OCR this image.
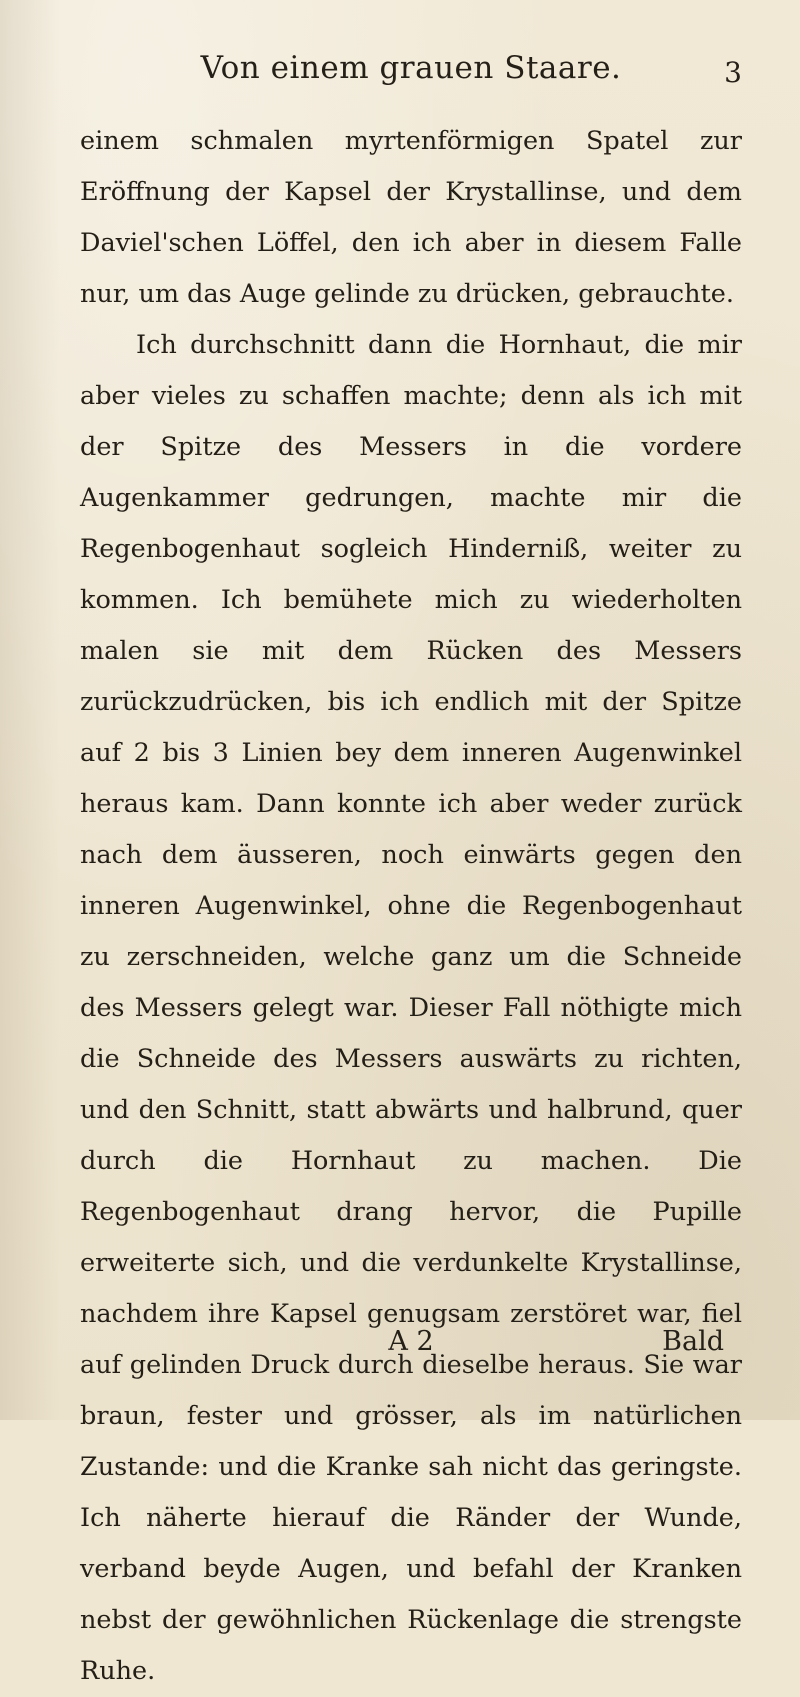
Von einem grauen Staare.	3

einem schmalen myrtenförmigen Spatel zur Eröffnung der Kapsel der Krystallinse, und dem Daviel'schen Löffel, den ich aber in diesem Falle nur, um das Auge gelinde zu drücken, gebrauchte.

Ich durchschnitt dann die Hornhaut, die mir aber vieles zu schaffen machte; denn als ich mit der Spitze des Messers in die vordere Augenkammer gedrungen, machte mir die Regenbogenhaut sogleich Hinderniß, weiter zu kommen. Ich bemühete mich zu wiederholten malen sie mit dem Rücken des Messers zurückzudrücken, bis ich endlich mit der Spitze auf 2 bis 3 Linien bey dem inneren Augenwinkel heraus kam. Dann konnte ich aber weder zurück nach dem äusseren, noch einwärts gegen den inneren Augenwinkel, ohne die Regenbogenhaut zu zerschneiden, welche ganz um die Schneide des Messers gelegt war. Dieser Fall nöthigte mich die Schneide des Messers auswärts zu richten, und den Schnitt, statt abwärts und halbrund, quer durch die Hornhaut zu machen. Die Regenbogenhaut drang hervor, die Pupille erweiterte sich, und die verdunkelte Krystallinse, nachdem ihre Kapsel genugsam zerstöret war, fiel auf gelinden Druck durch dieselbe heraus. Sie war braun, fester und grösser, als im natürlichen Zustande: und die Kranke sah nicht das geringste. Ich näherte hierauf die Ränder der Wunde, verband beyde Augen, und befahl der Kranken nebst der gewöhnlichen Rückenlage die strengste Ruhe.

A 2	Bald
